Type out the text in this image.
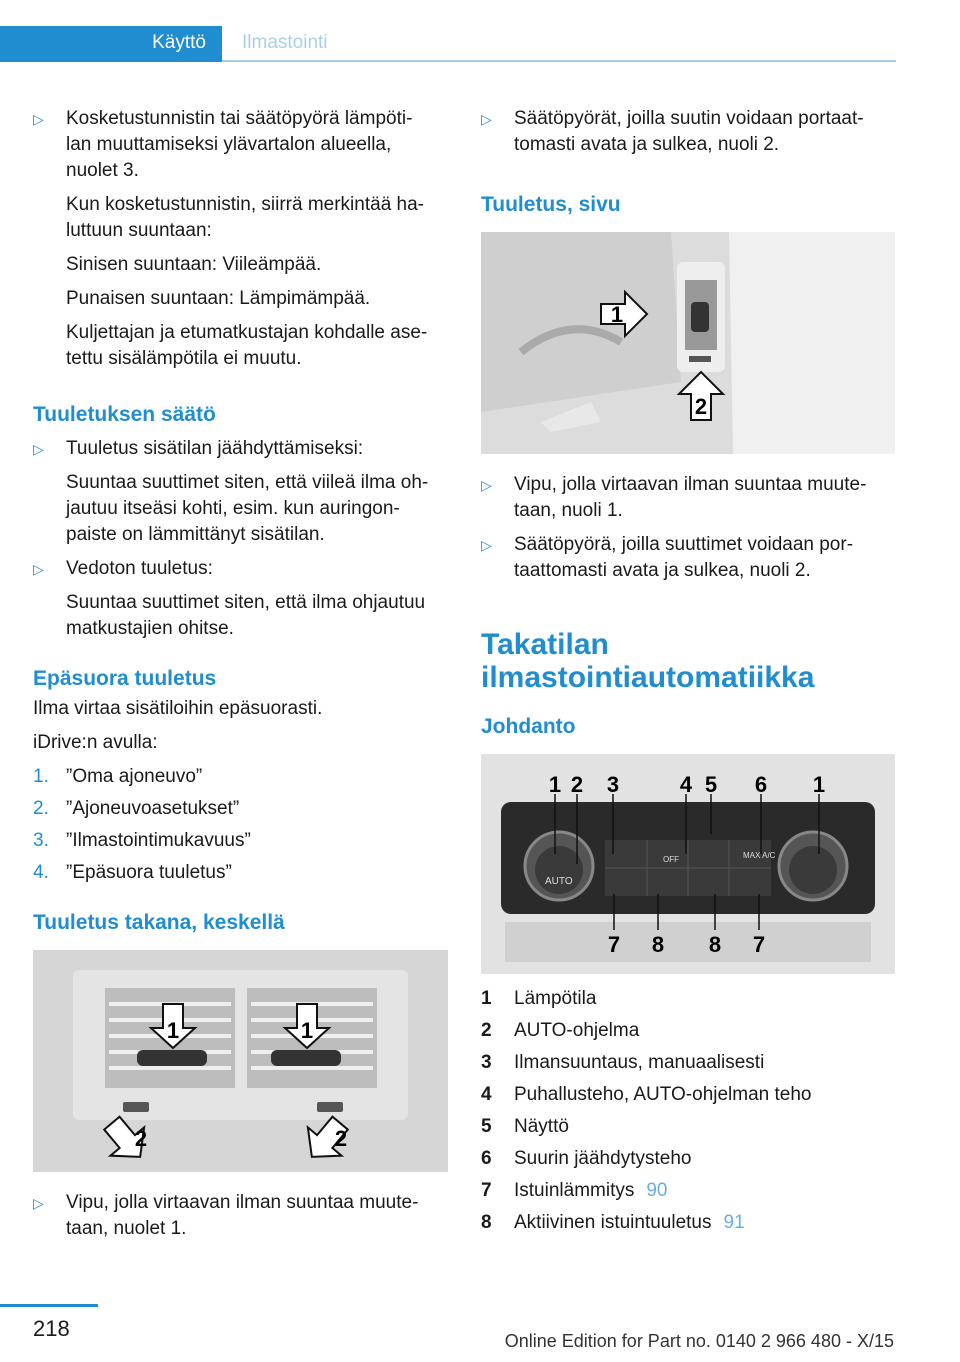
Käyttö	Ilmastointi
▷ Kosketustunnistin tai säätöpyörä lämpöti‐
lan muuttamiseksi ylävartalon alueella,
nuolet 3.
Kun kosketustunnistin, siirrä merkintää ha‐
luttuun suuntaan:
Sinisen suuntaan: Viileämpää.
Punaisen suuntaan: Lämpimämpää.
Kuljettajan ja etumatkustajan kohdalle ase‐
tettu sisälämpötila ei muutu.
Tuuletuksen säätö
▷ Tuuletus sisätilan jäähdyttämiseksi:
Suuntaa suuttimet siten, että viileä ilma oh‐
jautuu itseäsi kohti, esim. kun auringon‐
paiste on lämmittänyt sisätilan.
▷ Vedoton tuuletus:
Suuntaa suuttimet siten, että ilma ohjautuu
matkustajien ohitse.
Epäsuora tuuletus
Ilma virtaa sisätiloihin epäsuorasti.
iDrive:n avulla:
1. ”Oma ajoneuvo”
2. ”Ajoneuvoasetukset”
3. ”Ilmastointimukavuus”
4. ”Epäsuora tuuletus”
Tuuletus takana, keskellä
1	1
2	2
▷ Vipu, jolla virtaavan ilman suuntaa muute‐
taan, nuolet 1.
▷ Säätöpyörät, joilla suutin voidaan portaat‐
tomasti avata ja sulkea, nuoli 2.
Tuuletus, sivu
1
2
▷ Vipu, jolla virtaavan ilman suuntaa muute‐
taan, nuoli 1.
▷ Säätöpyörä, joilla suuttimet voidaan por‐
taattomasti avata ja sulkea, nuoli 2.
Takatilan
ilmastointiautomatiikka
Johdanto
AUTO
OFF	MAX A/C
1 2 3	4 5 6 1
7 8 8 7
1 Lämpötila
2 AUTO-ohjelma
3 Ilmansuuntaus, manuaalisesti
4 Puhallusteho, AUTO-ohjelman teho
5 Näyttö
6 Suurin jäähdytysteho
7 Istuinlämmitys 90
8 Aktiivinen istuintuuletus 91
218	Online Edition for Part no. 0140 2 966 480 - X/15
